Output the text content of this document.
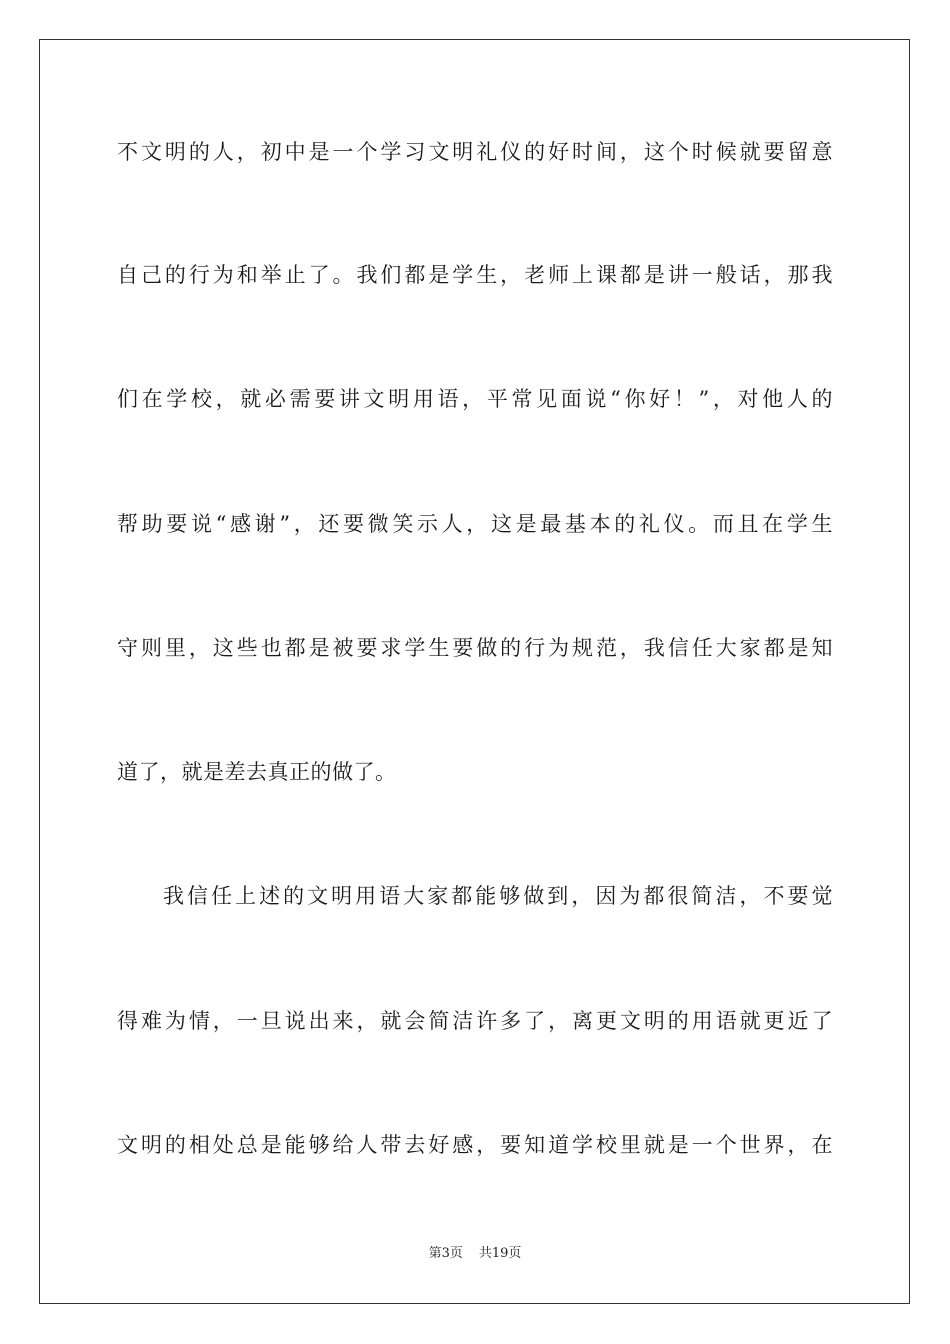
不文明的人，初中是一个学习文明礼仪的好时间，这个时候就要留意
自己的行为和举止了。我们都是学生，老师上课都是讲一般话，那我
们在学校，就必需要讲文明用语，平常见面说“你好！”，对他人的
帮助要说“感谢”，还要微笑示人，这是最基本的礼仪。而且在学生
守则里，这些也都是被要求学生要做的行为规范，我信任大家都是知
道了，就是差去真正的做了。
我信任上述的文明用语大家都能够做到，因为都很简洁，不要觉
得难为情，一旦说出来，就会简洁许多了，离更文明的用语就更近了
文明的相处总是能够给人带去好感，要知道学校里就是一个世界，在
第3页 共19页
